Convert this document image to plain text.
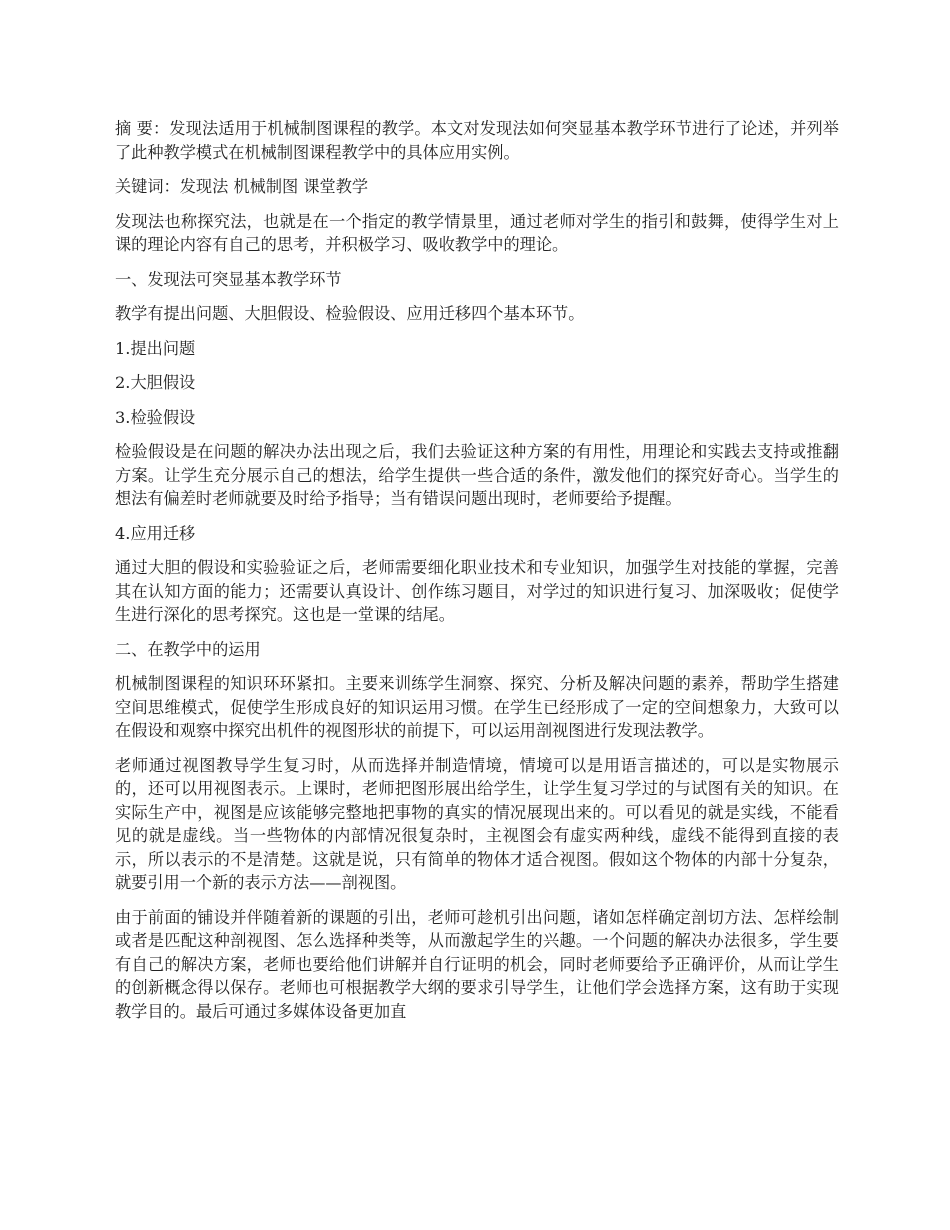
摘 要：发现法适用于机械制图课程的教学。本文对发现法如何突显基本教学环节进行了论述，并列举了此种教学模式在机械制图课程教学中的具体应用实例。

关键词：发现法 机械制图 课堂教学

发现法也称探究法，也就是在一个指定的教学情景里，通过老师对学生的指引和鼓舞，使得学生对上课的理论内容有自己的思考，并积极学习、吸收教学中的理论。

一、发现法可突显基本教学环节

教学有提出问题、大胆假设、检验假设、应用迁移四个基本环节。

1.提出问题

2.大胆假设

3.检验假设

检验假设是在问题的解决办法出现之后，我们去验证这种方案的有用性，用理论和实践去支持或推翻方案。让学生充分展示自己的想法，给学生提供一些合适的条件，激发他们的探究好奇心。当学生的想法有偏差时老师就要及时给予指导；当有错误问题出现时，老师要给予提醒。

4.应用迁移

通过大胆的假设和实验验证之后，老师需要细化职业技术和专业知识，加强学生对技能的掌握，完善其在认知方面的能力；还需要认真设计、创作练习题目，对学过的知识进行复习、加深吸收；促使学生进行深化的思考探究。这也是一堂课的结尾。

二、在教学中的运用

机械制图课程的知识环环紧扣。主要来训练学生洞察、探究、分析及解决问题的素养，帮助学生搭建空间思维模式，促使学生形成良好的知识运用习惯。在学生已经形成了一定的空间想象力，大致可以在假设和观察中探究出机件的视图形状的前提下，可以运用剖视图进行发现法教学。

老师通过视图教导学生复习时，从而选择并制造情境，情境可以是用语言描述的，可以是实物展示的，还可以用视图表示。上课时，老师把图形展出给学生，让学生复习学过的与试图有关的知识。在实际生产中，视图是应该能够完整地把事物的真实的情况展现出来的。可以看见的就是实线，不能看见的就是虚线。当一些物体的内部情况很复杂时，主视图会有虚实两种线，虚线不能得到直接的表示，所以表示的不是清楚。这就是说，只有简单的物体才适合视图。假如这个物体的内部十分复杂，就要引用一个新的表示方法——剖视图。

由于前面的铺设并伴随着新的课题的引出，老师可趁机引出问题，诸如怎样确定剖切方法、怎样绘制或者是匹配这种剖视图、怎么选择种类等，从而激起学生的兴趣。一个问题的解决办法很多，学生要有自己的解决方案，老师也要给他们讲解并自行证明的机会，同时老师要给予正确评价，从而让学生的创新概念得以保存。老师也可根据教学大纲的要求引导学生，让他们学会选择方案，这有助于实现教学目的。最后可通过多媒体设备更加直
